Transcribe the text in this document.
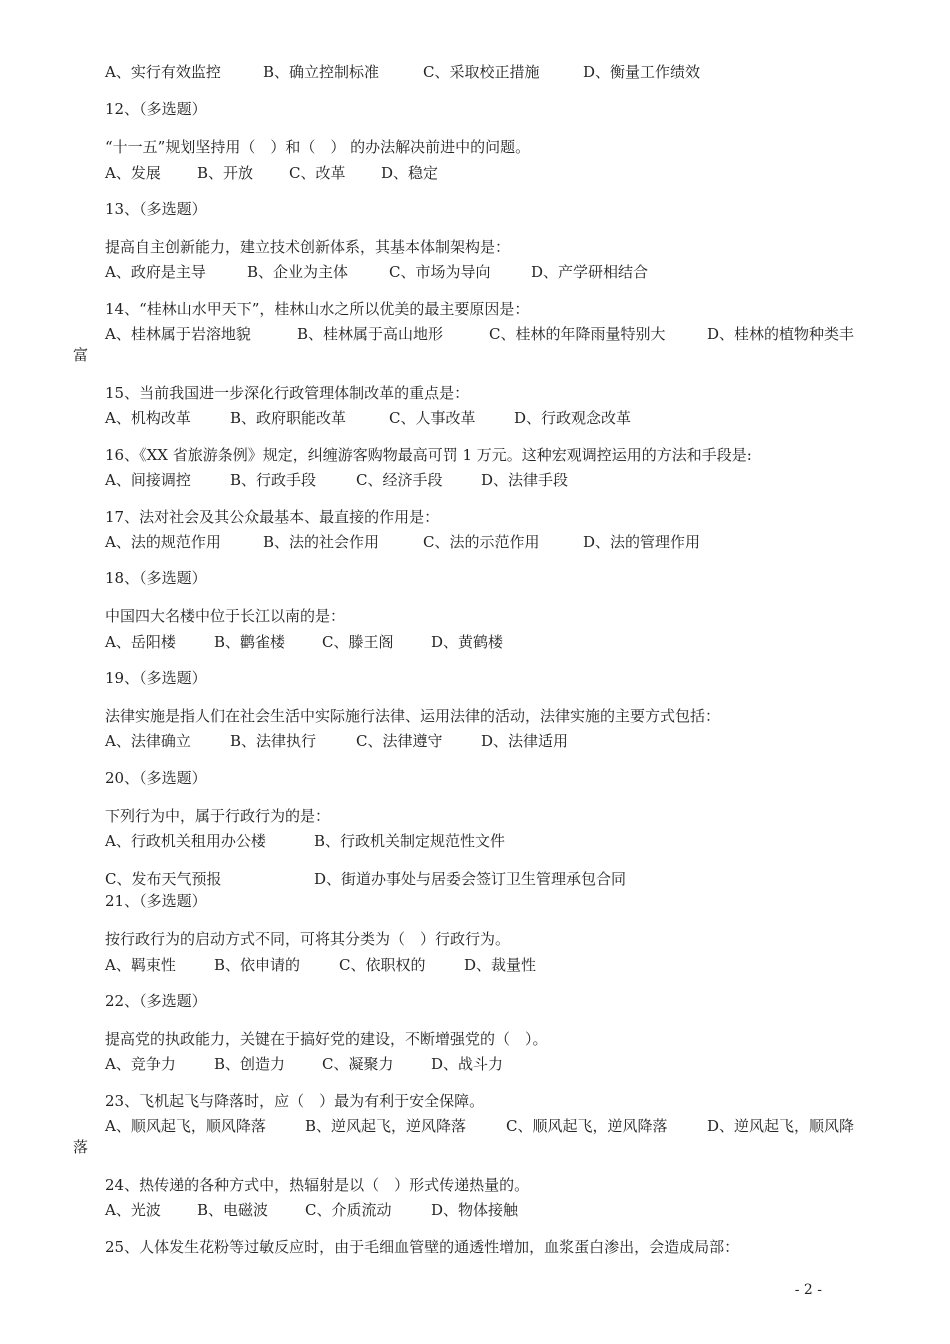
A、实行有效监控	B、确立控制标准	C、采取校正措施	D、衡量工作绩效
12、（多选题）
“十一五”规划坚持用（　）和（　） 的办法解决前进中的问题。
A、发展 B、开放 C、改革 D、稳定
13、（多选题）
提高自主创新能力，建立技术创新体系，其基本体制架构是：
A、政府是主导	B、企业为主体	C、市场为导向	D、产学研相结合
14、“桂林山水甲天下”，桂林山水之所以优美的最主要原因是：
A、桂林属于岩溶地貌	B、桂林属于高山地形	C、桂林的年降雨量特别大	D、桂林的植物种类丰
富
15、当前我国进一步深化行政管理体制改革的重点是：
A、机构改革	B、政府职能改革	C、人事改革	D、行政观念改革
16、《XX 省旅游条例》规定，纠缠游客购物最高可罚 1 万元。这种宏观调控运用的方法和手段是:
A、间接调控	B、行政手段	C、经济手段	D、法律手段
17、法对社会及其公众最基本、最直接的作用是：
A、法的规范作用	B、法的社会作用	C、法的示范作用	D、法的管理作用
18、（多选题）
中国四大名楼中位于长江以南的是：
A、岳阳楼	B、鹳雀楼 C、滕王阁	D、黄鹤楼
19、（多选题）
法律实施是指人们在社会生活中实际施行法律、运用法律的活动，法律实施的主要方式包括：
A、法律确立	B、法律执行	C、法律遵守	D、法律适用
20、（多选题）
下列行为中，属于行政行为的是：
A、行政机关租用办公楼	B、行政机关制定规范性文件
C、发布天气预报	D、街道办事处与居委会签订卫生管理承包合同
21、（多选题）
按行政行为的启动方式不同，可将其分类为（　）行政行为。
A、羁束性	B、依申请的	C、依职权的	D、裁量性
22、（多选题）
提高党的执政能力，关键在于搞好党的建设，不断增强党的（　）。
A、竞争力	B、创造力 C、凝聚力	D、战斗力
23、飞机起飞与降落时，应（　）最为有利于安全保障。
A、顺风起飞，顺风降落	B、逆风起飞，逆风降落	C、顺风起飞，逆风降落	D、逆风起飞，顺风降
落
24、热传递的各种方式中，热辐射是以（　）形式传递热量的。
A、光波 B、电磁波 C、介质流动	D、物体接触
25、人体发生花粉等过敏反应时，由于毛细血管壁的通透性增加，血浆蛋白渗出，会造成局部：
- 2 -
